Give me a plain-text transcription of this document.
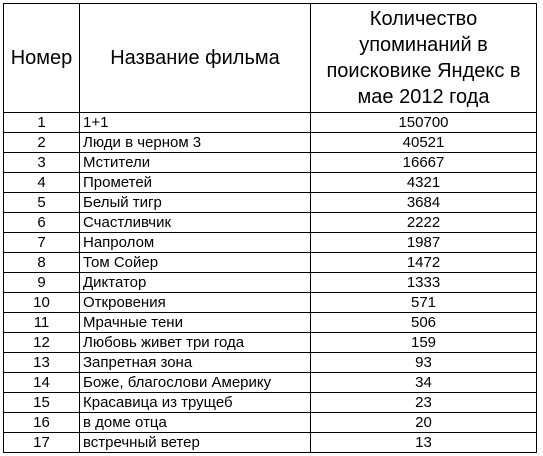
Номер	Название фильма	Количество упоминаний в поисковике Яндекс в мае 2012 года
1	1+1	150700
2	Люди в черном 3	40521
3	Мстители	16667
4	Прометей	4321
5	Белый тигр	3684
6	Счастливчик	2222
7	Напролом	1987
8	Том Сойер	1472
9	Диктатор	1333
10	Откровения	571
11	Мрачные тени	506
12	Любовь живет три года	159
13	Запретная зона	93
14	Боже, благослови Америку	34
15	Красавица из трущеб	23
16	в доме отца	20
17	встречный ветер	13
